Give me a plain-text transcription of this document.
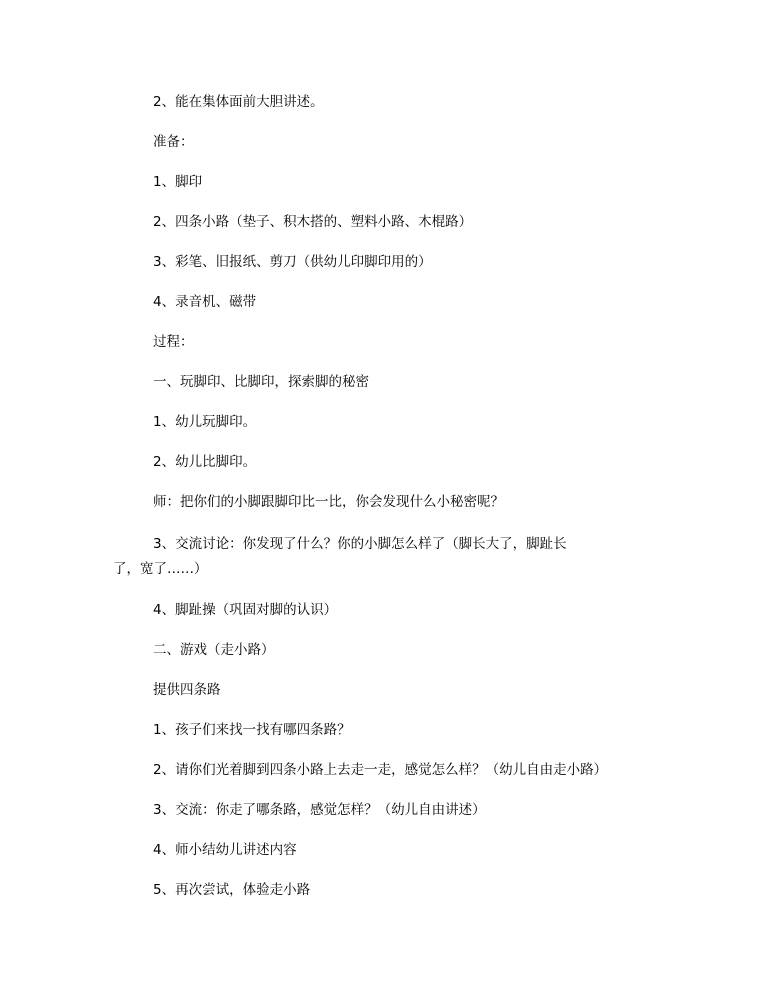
2、能在集体面前大胆讲述。
准备：
1、脚印
2、四条小路（垫子、积木搭的、塑料小路、木棍路）
3、彩笔、旧报纸、剪刀（供幼儿印脚印用的）
4、录音机、磁带
过程：
一、玩脚印、比脚印，探索脚的秘密
1、幼儿玩脚印。
2、幼儿比脚印。
师：把你们的小脚跟脚印比一比，你会发现什么小秘密呢？
3、交流讨论：你发现了什么？你的小脚怎么样了（脚长大了，脚趾长了，宽了……）
4、脚趾操（巩固对脚的认识）
二、游戏（走小路）
提供四条路
1、孩子们来找一找有哪四条路？
2、请你们光着脚到四条小路上去走一走，感觉怎么样？（幼儿自由走小路）
3、交流：你走了哪条路，感觉怎样？（幼儿自由讲述）
4、师小结幼儿讲述内容
5、再次尝试，体验走小路
